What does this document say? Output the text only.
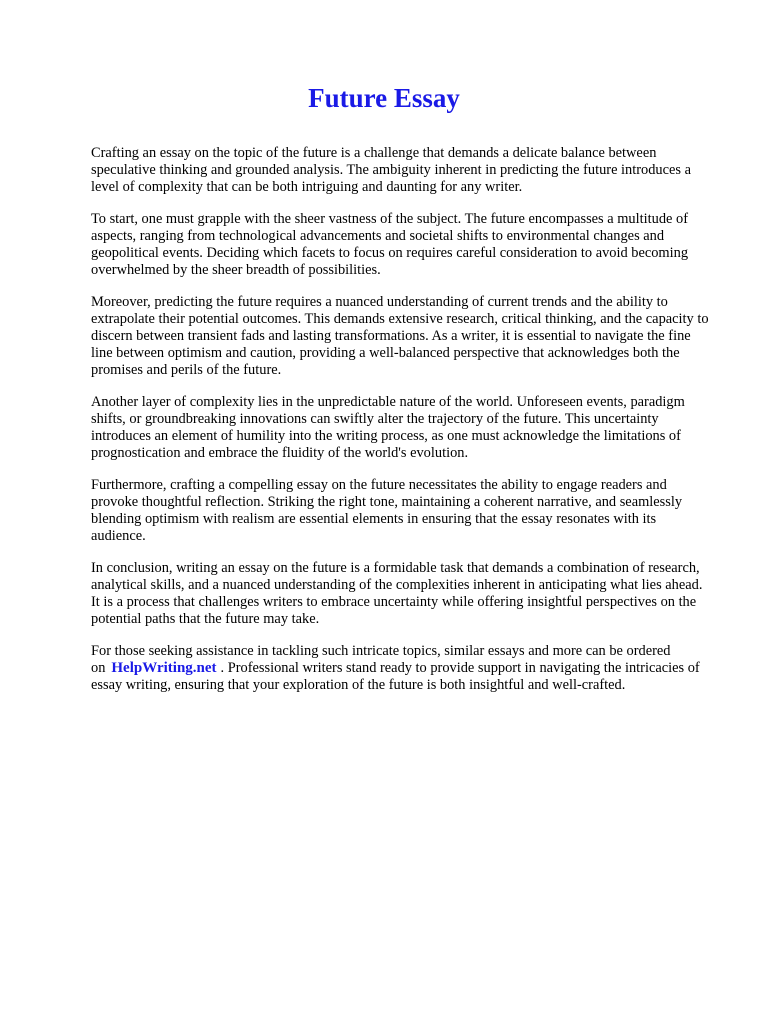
Future Essay

Crafting an essay on the topic of the future is a challenge that demands a delicate balance between speculative thinking and grounded analysis. The ambiguity inherent in predicting the future introduces a level of complexity that can be both intriguing and daunting for any writer.

To start, one must grapple with the sheer vastness of the subject. The future encompasses a multitude of aspects, ranging from technological advancements and societal shifts to environmental changes and geopolitical events. Deciding which facets to focus on requires careful consideration to avoid becoming overwhelmed by the sheer breadth of possibilities.

Moreover, predicting the future requires a nuanced understanding of current trends and the ability to extrapolate their potential outcomes. This demands extensive research, critical thinking, and the capacity to discern between transient fads and lasting transformations. As a writer, it is essential to navigate the fine line between optimism and caution, providing a well-balanced perspective that acknowledges both the promises and perils of the future.

Another layer of complexity lies in the unpredictable nature of the world. Unforeseen events, paradigm shifts, or groundbreaking innovations can swiftly alter the trajectory of the future. This uncertainty introduces an element of humility into the writing process, as one must acknowledge the limitations of prognostication and embrace the fluidity of the world's evolution.

Furthermore, crafting a compelling essay on the future necessitates the ability to engage readers and provoke thoughtful reflection. Striking the right tone, maintaining a coherent narrative, and seamlessly blending optimism with realism are essential elements in ensuring that the essay resonates with its audience.

In conclusion, writing an essay on the future is a formidable task that demands a combination of research, analytical skills, and a nuanced understanding of the complexities inherent in anticipating what lies ahead. It is a process that challenges writers to embrace uncertainty while offering insightful perspectives on the potential paths that the future may take.

For those seeking assistance in tackling such intricate topics, similar essays and more can be ordered on HelpWriting.net . Professional writers stand ready to provide support in navigating the intricacies of essay writing, ensuring that your exploration of the future is both insightful and well-crafted.
